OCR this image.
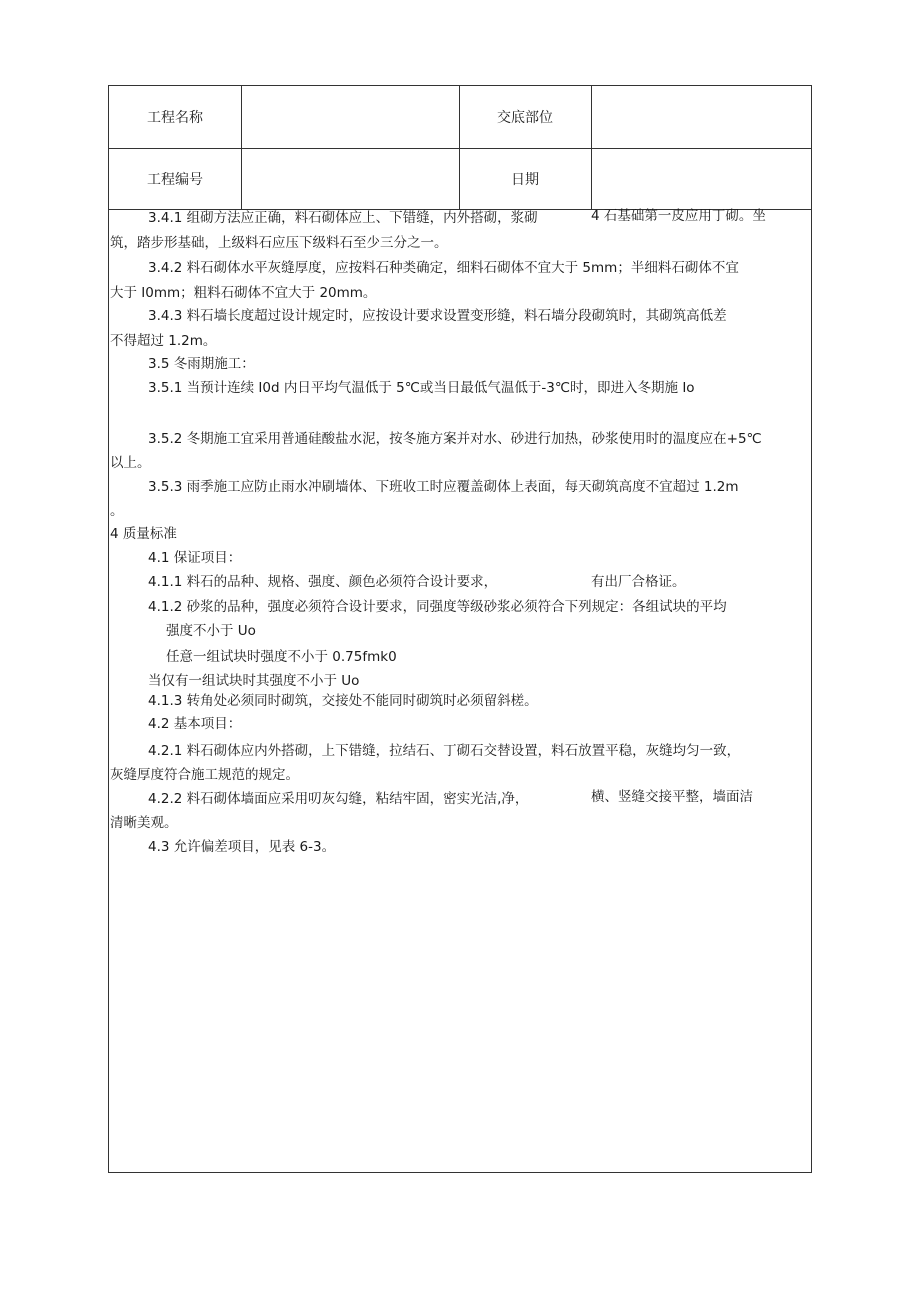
工程名称	交底部位
工程编号	日期
3.4.1 组砌方法应正确，料石砌体应上、下错缝，内外搭砌，浆砌	4 石基础第一皮应用丁砌。坐
筑，踏步形基础，上级料石应压下级料石至少三分之一。
3.4.2 料石砌体水平灰缝厚度，应按料石种类确定，细料石砌体不宜大于 5mm；半细料石砌体不宜
大于 I0mm；粗料石砌体不宜大于 20mm。
3.4.3 料石墙长度超过设计规定时，应按设计要求设置变形缝，料石墙分段砌筑时，其砌筑高低差
不得超过 1.2m。
3.5 冬雨期施工：
3.5.1 当预计连续 I0d 内日平均气温低于 5℃或当日最低气温低于-3℃时，即进入冬期施 Io
3.5.2 冬期施工宜采用普通硅酸盐水泥，按冬施方案并对水、砂进行加热，砂浆使用时的温度应在+5℃
以上。
3.5.3 雨季施工应防止雨水冲刷墙体、下班收工时应覆盖砌体上表面，每天砌筑高度不宜超过 1.2m
。
4 质量标准
4.1 保证项目：
4.1.1 料石的品种、规格、强度、颜色必须符合设计要求，	有出厂合格证。
4.1.2 砂浆的品种，强度必须符合设计要求，同强度等级砂浆必须符合下列规定：各组试块的平均
强度不小于 Uo
任意一组试块时强度不小于 0.75fmk0
当仅有一组试块时其强度不小于 Uo
4.1.3 转角处必须同时砌筑，交接处不能同时砌筑时必须留斜槎。
4.2 基本项目：
4.2.1 料石砌体应内外搭砌，上下错缝，拉结石、丁砌石交替设置，料石放置平稳，灰缝均匀一致，
灰缝厚度符合施工规范的规定。
4.2.2 料石砌体墙面应采用叨灰勾缝，粘结牢固，密实光洁,净，	横、竖缝交接平整，墙面洁
清晰美观。
4.3 允许偏差项目，见表 6-3。
